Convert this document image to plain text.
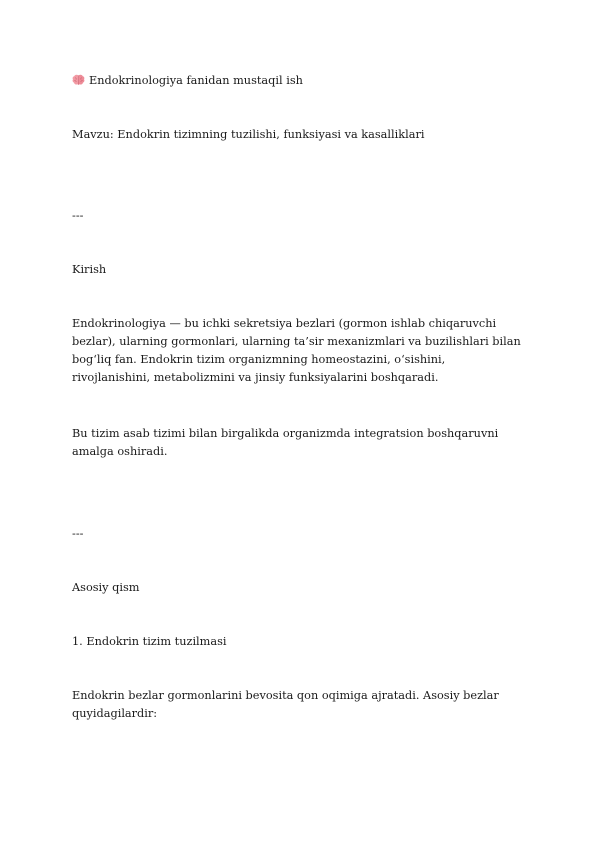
Endokrinologiya fanidan mustaqil ish

Mavzu: Endokrin tizimning tuzilishi, funksiyasi va kasalliklari

---

Kirish

Endokrinologiya — bu ichki sekretsiya bezlari (gormon ishlab chiqaruvchi bezlar), ularning gormonlari, ularning ta’sir mexanizmlari va buzilishlari bilan bog‘liq fan. Endokrin tizim organizmning homeostazini, o‘sishini, rivojlanishini, metabolizmini va jinsiy funksiyalarini boshqaradi.

Bu tizim asab tizimi bilan birgalikda organizmda integratsion boshqaruvni amalga oshiradi.

---

Asosiy qism

1. Endokrin tizim tuzilmasi

Endokrin bezlar gormonlarini bevosita qon oqimiga ajratadi. Asosiy bezlar quyidagilardir:
